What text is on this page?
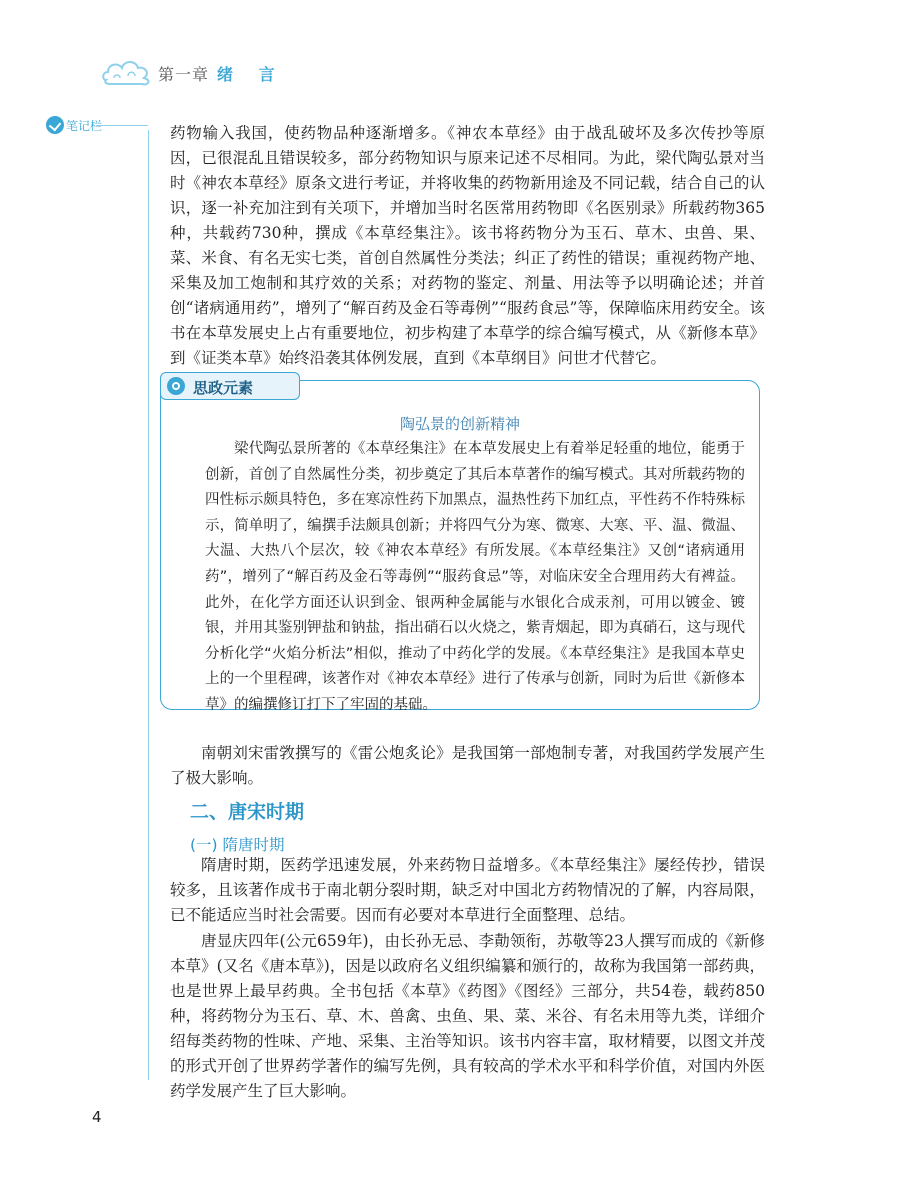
第一章 绪 言
笔记栏	药物输入我国，使药物品种逐渐增多。《神农本草经》由于战乱破坏及多次传抄等原因，已很混乱且错误较多，部分药物知识与原来记述不尽相同。为此，梁代陶弘景对当时《神农本草经》原条文进行考证，并将收集的药物新用途及不同记载，结合自己的认识，逐一补充加注到有关项下，并增加当时名医常用药物即《名医别录》所载药物365种，共载药730种，撰成《本草经集注》。该书将药物分为玉石、草木、虫兽、果、菜、米食、有名无实七类，首创自然属性分类法；纠正了药性的错误；重视药物产地、采集及加工炮制和其疗效的关系；对药物的鉴定、剂量、用法等予以明确论述；并首创“诸病通用药”，增列了“解百药及金石等毒例”“服药食忌”等，保障临床用药安全。该书在本草发展史上占有重要地位，初步构建了本草学的综合编写模式，从《新修本草》到《证类本草》始终沿袭其体例发展，直到《本草纲目》问世才代替它。

思政元素
陶弘景的创新精神

梁代陶弘景所著的《本草经集注》在本草发展史上有着举足轻重的地位，能勇于创新，首创了自然属性分类，初步奠定了其后本草著作的编写模式。其对所载药物的四性标示颇具特色，多在寒凉性药下加黑点，温热性药下加红点，平性药不作特殊标示，简单明了，编撰手法颇具创新；并将四气分为寒、微寒、大寒、平、温、微温、大温、大热八个层次，较《神农本草经》有所发展。《本草经集注》又创“诸病通用药”，增列了“解百药及金石等毒例”“服药食忌”等，对临床安全合理用药大有裨益。此外，在化学方面还认识到金、银两种金属能与水银化合成汞剂，可用以镀金、镀银，并用其鉴别钾盐和钠盐，指出硝石以火烧之，紫青烟起，即为真硝石，这与现代分析化学“火焰分析法”相似，推动了中药化学的发展。《本草经集注》是我国本草史上的一个里程碑，该著作对《神农本草经》进行了传承与创新，同时为后世《新修本草》的编撰修订打下了牢固的基础。

南朝刘宋雷敩撰写的《雷公炮炙论》是我国第一部炮制专著，对我国药学发展产生了极大影响。

二、唐宋时期
(一) 隋唐时期

隋唐时期，医药学迅速发展，外来药物日益增多。《本草经集注》屡经传抄，错误较多，且该著作成书于南北朝分裂时期，缺乏对中国北方药物情况的了解，内容局限，已不能适应当时社会需要。因而有必要对本草进行全面整理、总结。

唐显庆四年(公元659年)，由长孙无忌、李勣领衔，苏敬等23人撰写而成的《新修本草》(又名《唐本草》)，因是以政府名义组织编纂和颁行的，故称为我国第一部药典，也是世界上最早药典。全书包括《本草》《药图》《图经》三部分，共54卷，载药850种，将药物分为玉石、草、木、兽禽、虫鱼、果、菜、米谷、有名未用等九类，详细介绍每类药物的性味、产地、采集、主治等知识。该书内容丰富，取材精要，以图文并茂的形式开创了世界药学著作的编写先例，具有较高的学术水平和科学价值，对国内外医药学发展产生了巨大影响。

4
